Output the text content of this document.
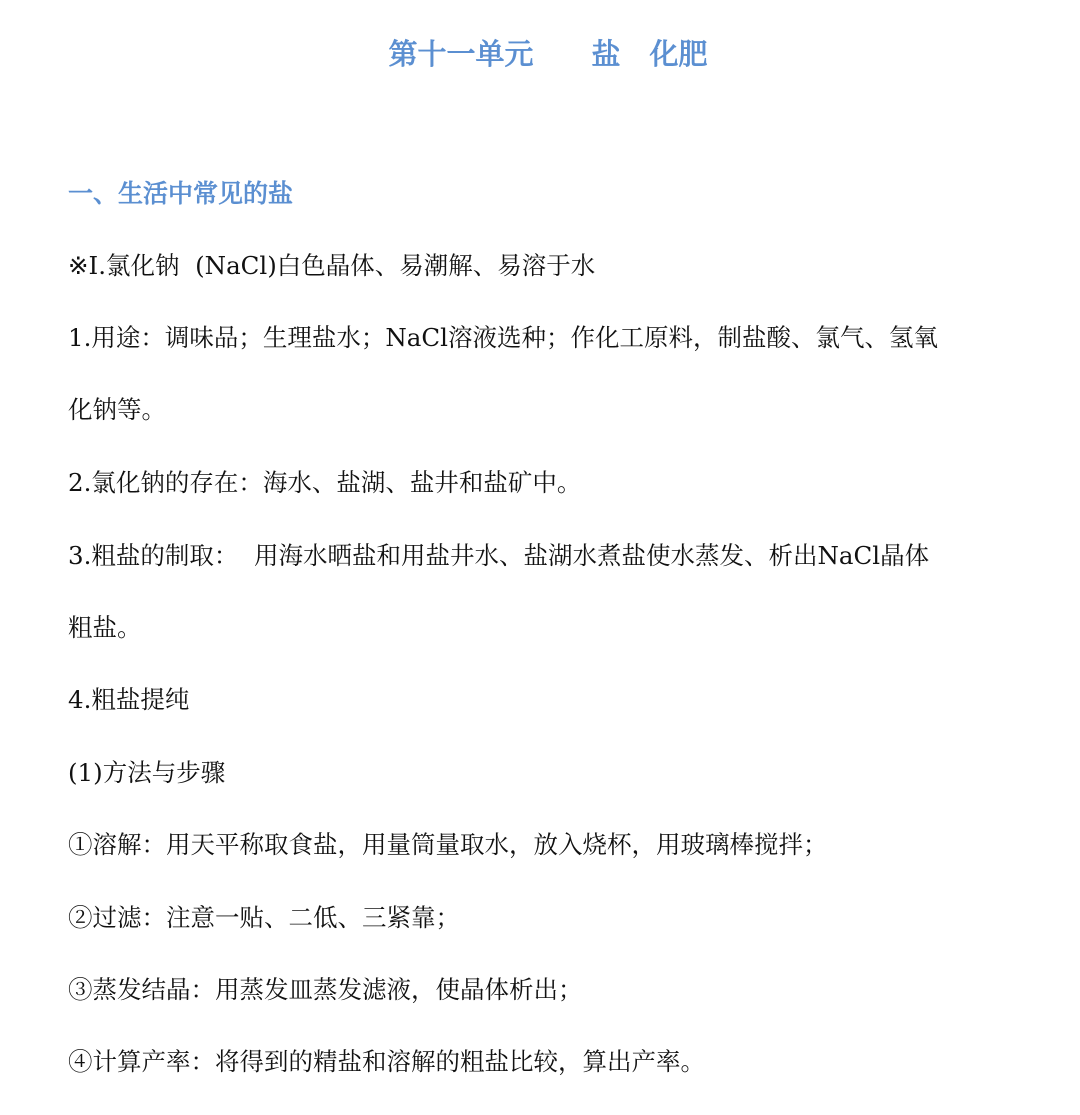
第十一单元　　盐　化肥
一、生活中常见的盐
※I.氯化钠  (NaCl)白色晶体、易潮解、易溶于水
1.用途：调味品；生理盐水；NaCl溶液选种；作化工原料，制盐酸、氯气、氢氧
化钠等。
2.氯化钠的存在：海水、盐湖、盐井和盐矿中。
3.粗盐的制取：  用海水晒盐和用盐井水、盐湖水煮盐使水蒸发、析出NaCl晶体
粗盐。
4.粗盐提纯
(1)方法与步骤
①溶解：用天平称取食盐，用量筒量取水，放入烧杯，用玻璃棒搅拌；
②过滤：注意一贴、二低、三紧靠；
③蒸发结晶：用蒸发皿蒸发滤液，使晶体析出；
④计算产率：将得到的精盐和溶解的粗盐比较，算出产率。
